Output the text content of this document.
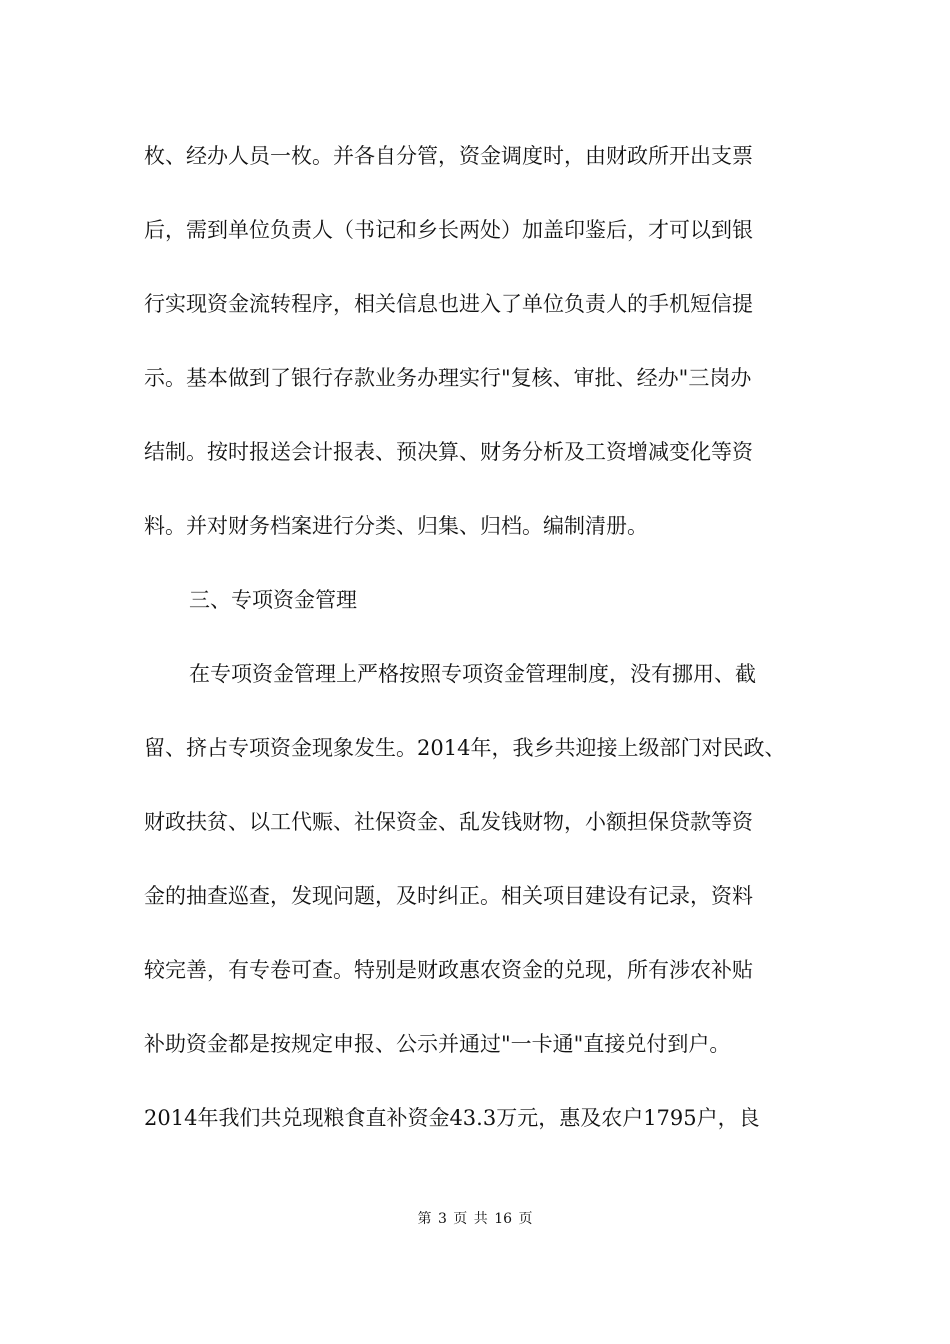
枚、经办人员一枚。并各自分管，资金调度时，由财政所开出支票
后，需到单位负责人（书记和乡长两处）加盖印鉴后，才可以到银
行实现资金流转程序，相关信息也进入了单位负责人的手机短信提
示。基本做到了银行存款业务办理实行"复核、审批、经办"三岗办
结制。按时报送会计报表、预决算、财务分析及工资增减变化等资
料。并对财务档案进行分类、归集、归档。编制清册。
三、专项资金管理
在专项资金管理上严格按照专项资金管理制度，没有挪用、截
留、挤占专项资金现象发生。2014年，我乡共迎接上级部门对民政、
财政扶贫、以工代赈、社保资金、乱发钱财物，小额担保贷款等资
金的抽查巡查，发现问题，及时纠正。相关项目建设有记录，资料
较完善，有专卷可查。特别是财政惠农资金的兑现，所有涉农补贴
补助资金都是按规定申报、公示并通过"一卡通"直接兑付到户。
2014年我们共兑现粮食直补资金43.3万元，惠及农户1795户，良
第 3 页 共 16 页
